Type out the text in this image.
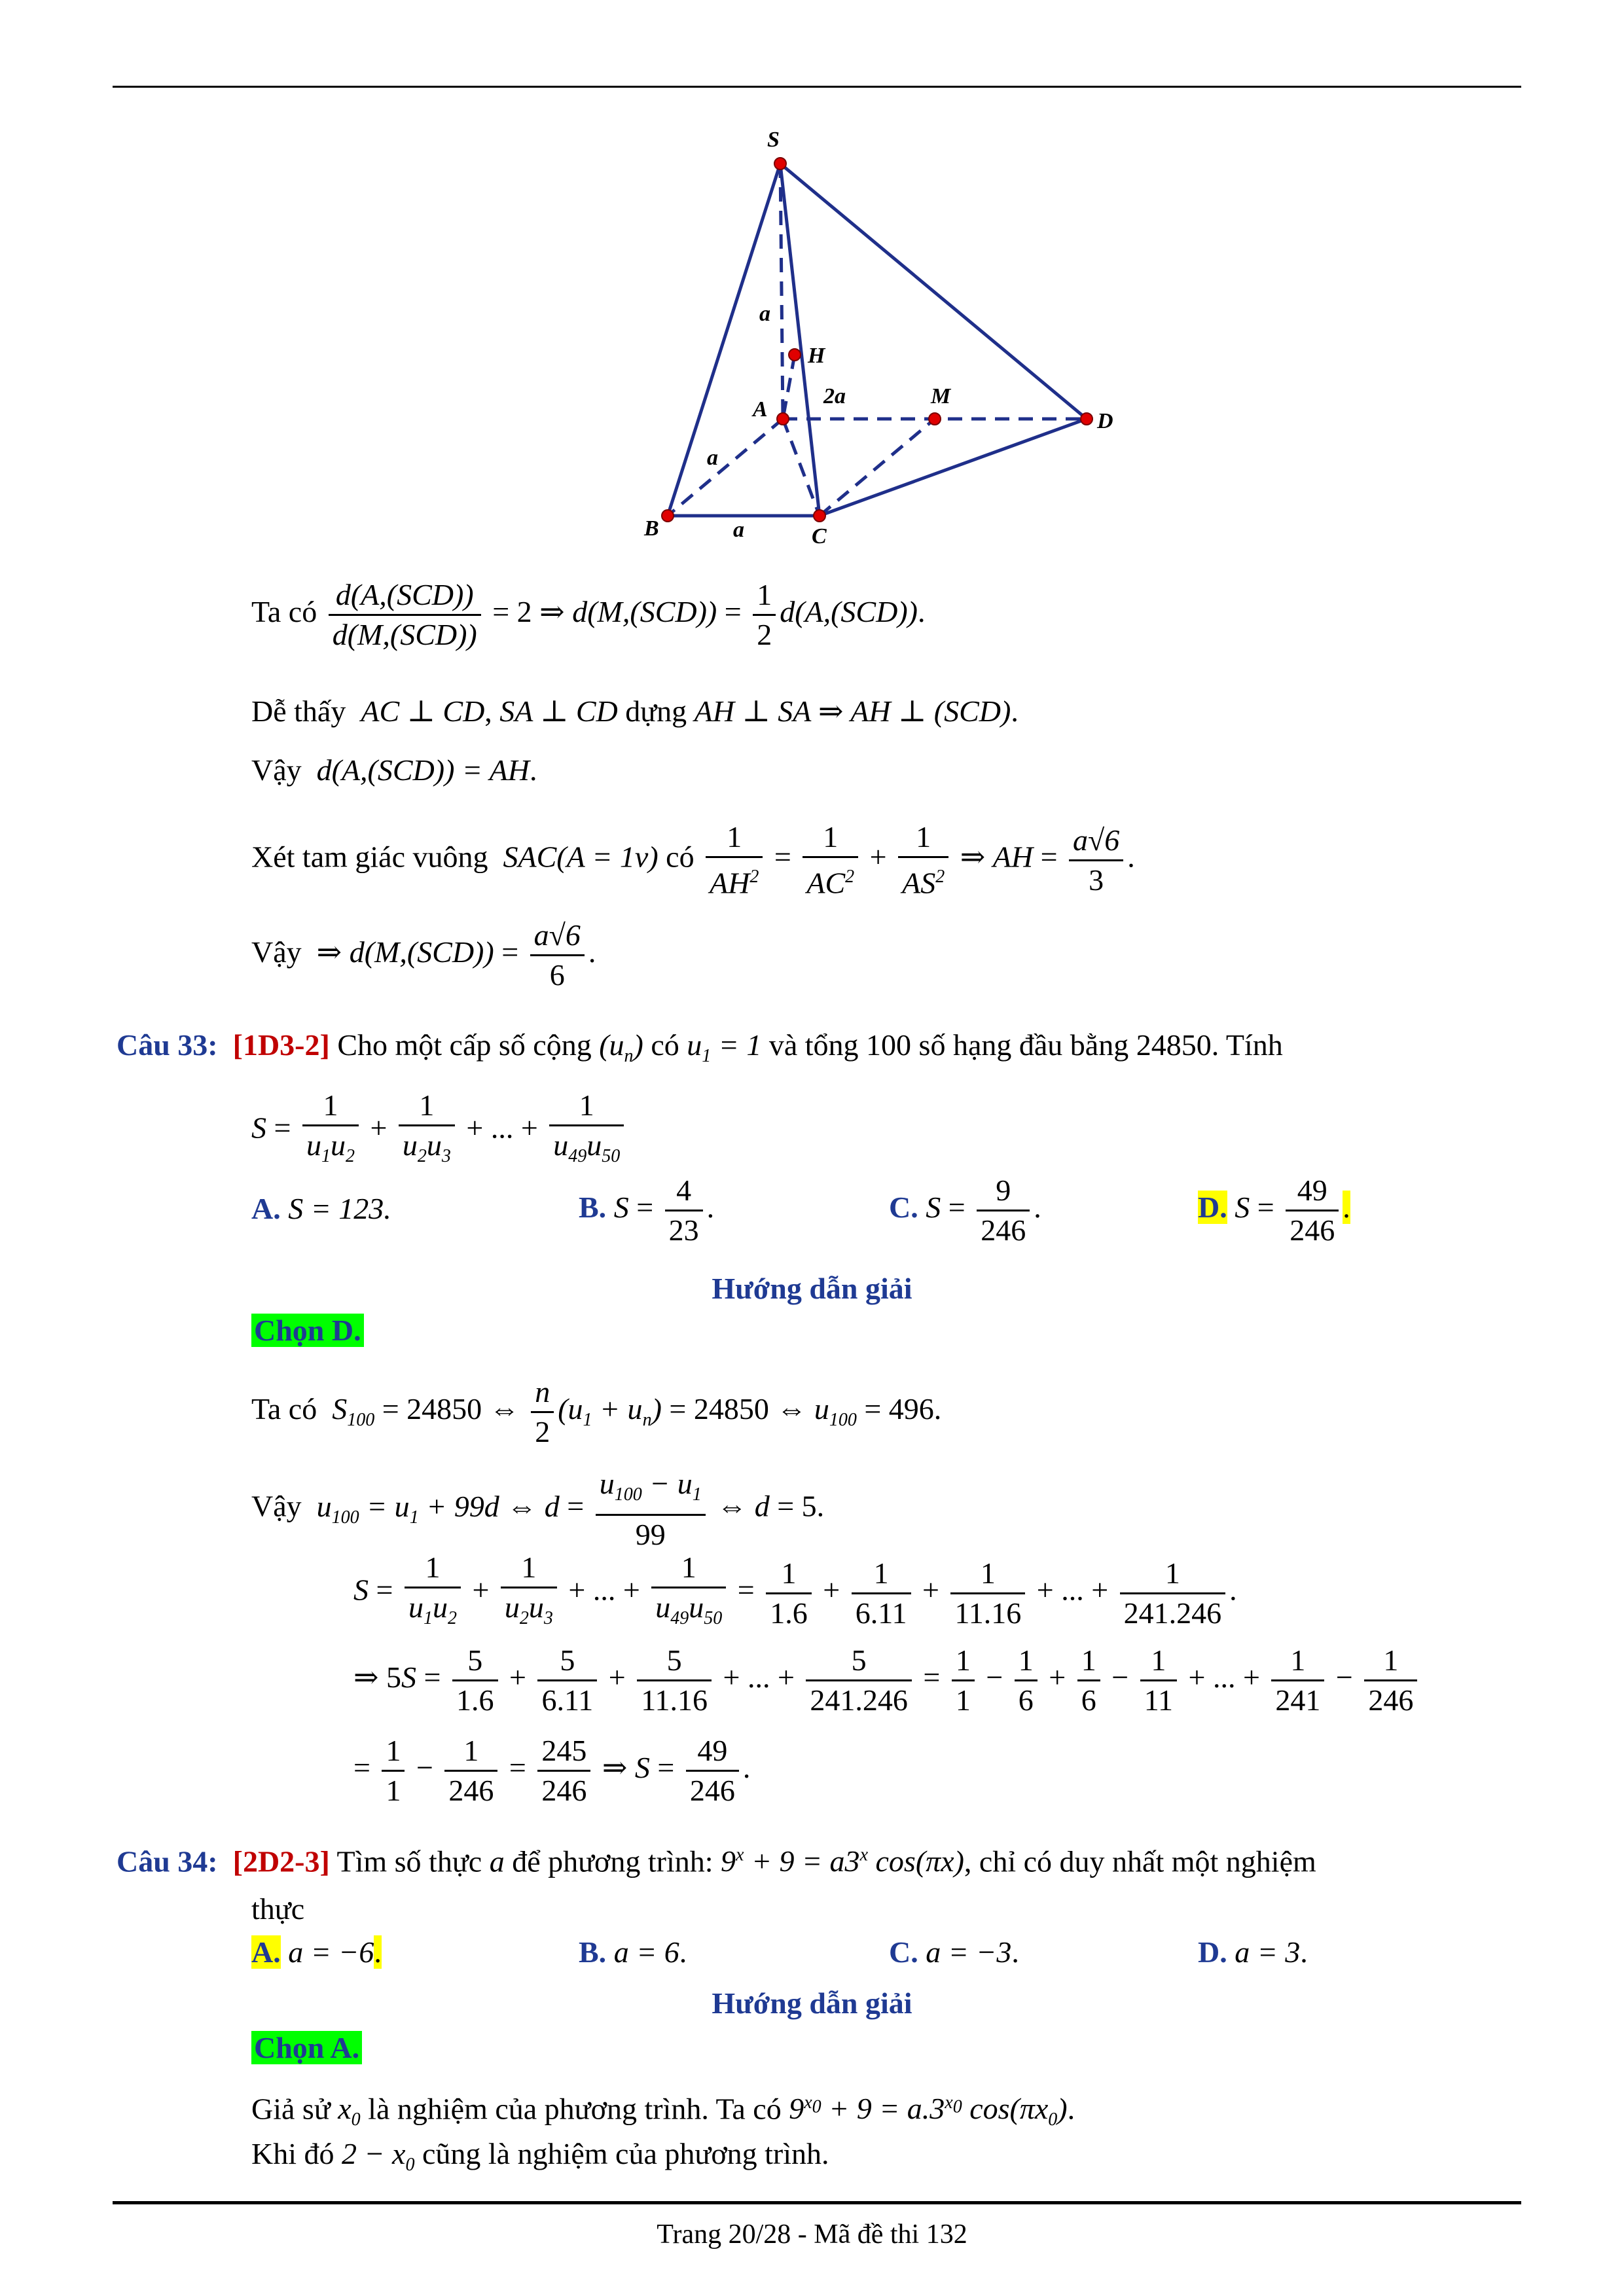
S
H
A
M
D
B	C
a
2a
a
a
Ta có $\frac{\text{d(A,(SCD))}}{\text{d(M,(SCD))}} = 2$ ⇒ $d(M,(SCD)) = \frac{1}{2} d(A,(SCD))$.
Dễ thấy AC ⊥ CD, SA ⊥ CD dựng AH ⊥ SA ⇒ AH ⊥ (SCD).
Vậy d(A,(SCD)) = AH.
Xét tam giác vuông SAC(A = 1v) có $\frac{1}{AH^2} = \frac{1}{AC^2} + \frac{1}{AS^2}$ ⇒ AH = $\frac{a√6}{3}$ .
Vậy  ⇒ $d(M,(SCD)) = \frac{a√6}{6}$ .
Câu 33: [1D3-2] Cho một cấp số cộng $(u_n)$ có $u_1 = 1$ và tổng 100 số hạng đầu bằng 24850. Tính
$S = \frac{1}{u_1u_2} + \frac{1}{u_2u_3}$ + ... + $\frac{1}{u_{49}u_{50}}$
A. S = 123.	B. $S = \frac{4}{23}$ .	C. $S = \frac{9}{246}$ .	D. $S = \frac{49}{246}$ .
Hướng dẫn giải
Chọn D.
Ta có $S_{100} = 24850$ ⇔ $\frac{n}{2} (u_1 + u_n) = 24850$ ⇔ $u_{100} = 496$.
Vậy $u_{100} = u_1 + 99d$ ⇔ $d = \frac{u_{100} - u_1}{99}$ ⇔ d = 5.
$S = \frac{1}{u_1u_2} + \frac{1}{u_2u_3}$ + ... + $\frac{1}{u_{49}u_{50}} = \frac{1}{1.6} + \frac{1}{6.11} + \frac{1}{11.16}$ + ... + $\frac{1}{241.246}$ .
⇒ $5S = \frac{5}{1.6} + \frac{5}{6.11} + \frac{5}{11.16}$ + ... + $\frac{5}{241.246} = \frac{1}{1} - \frac{1}{6} + \frac{1}{6} - \frac{1}{11}$ + ... + $\frac{1}{241} - \frac{1}{246}$
= $\frac{1}{1} - \frac{1}{246} = \frac{245}{246}$ ⇒ $S = \frac{49}{246}$ .
Câu 34: [2D2-3] Tìm số thực a để phương trình: $9^x + 9 = a3^x$ cos(πx), chỉ có duy nhất một nghiệm
thực
A. a = −6.	B. a = 6.	C. a = −3.	D. a = 3.
Hướng dẫn giải
Chọn A.
Giả sử $x_0$ là nghiệm của phương trình. Ta có $9^{x_0} + 9 = a.3^{x_0}$ $\cos(\pi x_0)$.
Khi đó $2 - x_0$ cũng là nghiệm của phương trình.
Trang 20/28 - Mã đề thi 132
